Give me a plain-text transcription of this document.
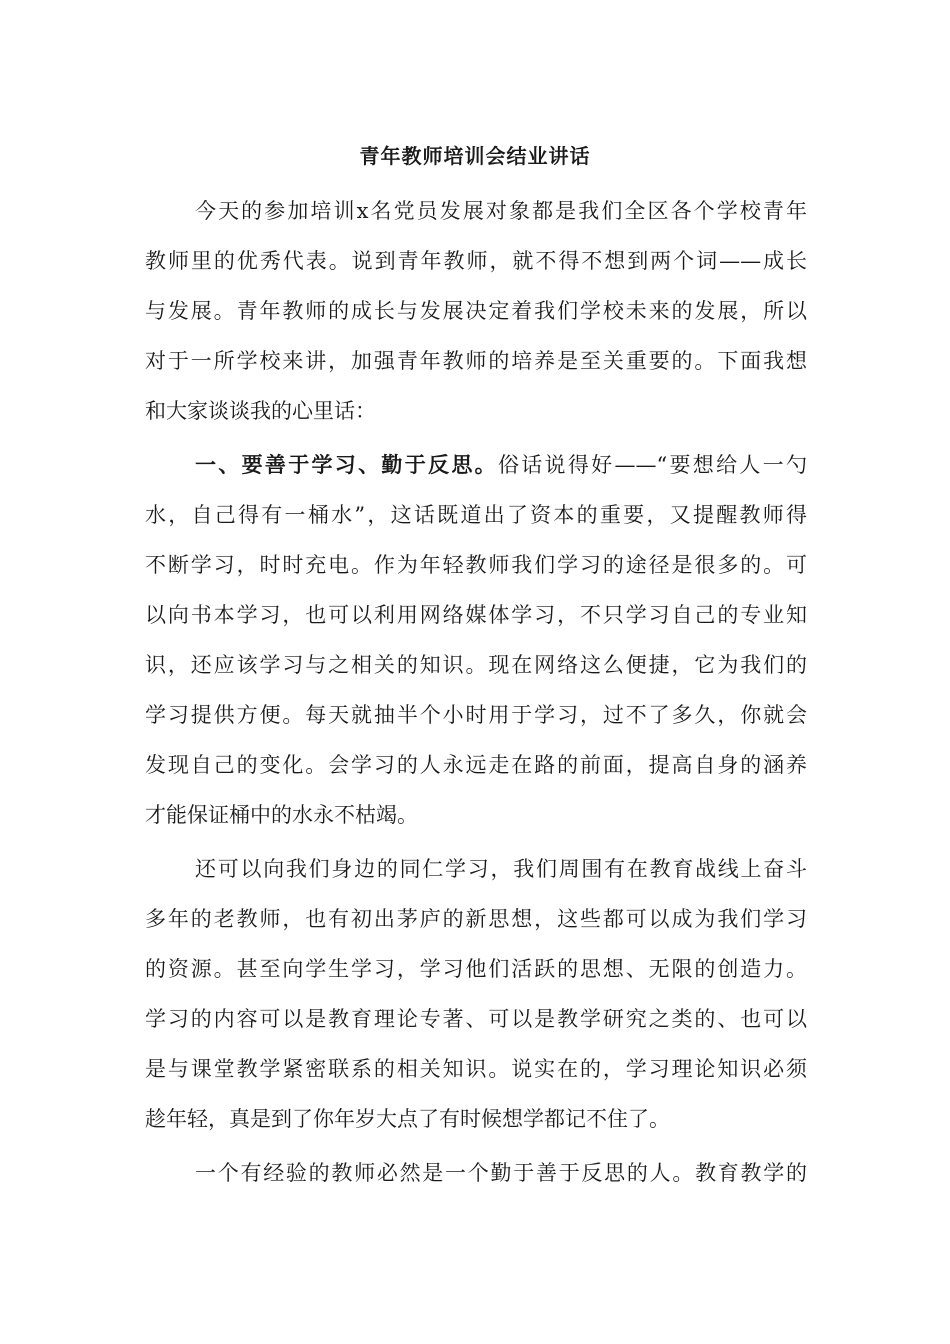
青年教师培训会结业讲话
今天的参加培训x名党员发展对象都是我们全区各个学校青年
教师里的优秀代表。说到青年教师，就不得不想到两个词——成长
与发展。青年教师的成长与发展决定着我们学校未来的发展，所以
对于一所学校来讲，加强青年教师的培养是至关重要的。下面我想
和大家谈谈我的心里话：
一、要善于学习、勤于反思。俗话说得好——“要想给人一勺
水，自己得有一桶水”，这话既道出了资本的重要，又提醒教师得
不断学习，时时充电。作为年轻教师我们学习的途径是很多的。可
以向书本学习，也可以利用网络媒体学习，不只学习自己的专业知
识，还应该学习与之相关的知识。现在网络这么便捷，它为我们的
学习提供方便。每天就抽半个小时用于学习，过不了多久，你就会
发现自己的变化。会学习的人永远走在路的前面，提高自身的涵养
才能保证桶中的水永不枯竭。
还可以向我们身边的同仁学习，我们周围有在教育战线上奋斗
多年的老教师，也有初出茅庐的新思想，这些都可以成为我们学习
的资源。甚至向学生学习，学习他们活跃的思想、无限的创造力。
学习的内容可以是教育理论专著、可以是教学研究之类的、也可以
是与课堂教学紧密联系的相关知识。说实在的，学习理论知识必须
趁年轻，真是到了你年岁大点了有时候想学都记不住了。
一个有经验的教师必然是一个勤于善于反思的人。教育教学的
